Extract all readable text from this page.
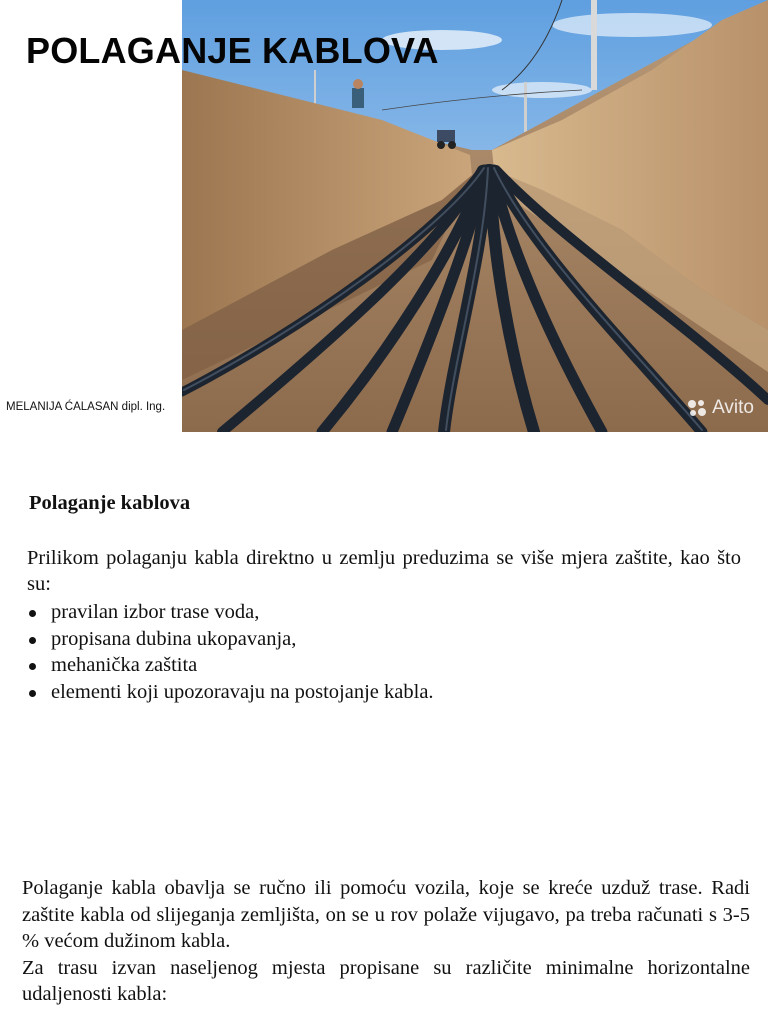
POLAGANJE KABLOVA
MELANIJA ĆALASAN dipl. Ing.	Avito
Polaganje kablova

Prilikom polaganju kabla direktno u zemlju preduzima se više mjera zaštite, kao što su:

pravilan izbor trase voda,
propisana dubina ukopavanja,
mehanička zaštita
elementi koji upozoravaju na postojanje kabla.

Polaganje kabla obavlja se ručno ili pomoću vozila, koje se kreće uzduž trase. Radi
zaštite kabla od slijeganja zemljišta, on se u rov polaže vijugavo, pa treba računati s 3-5 % većom dužinom kabla.
Za trasu izvan naseljenog mjesta propisane su različite minimalne horizontalne udaljenosti kabla:
